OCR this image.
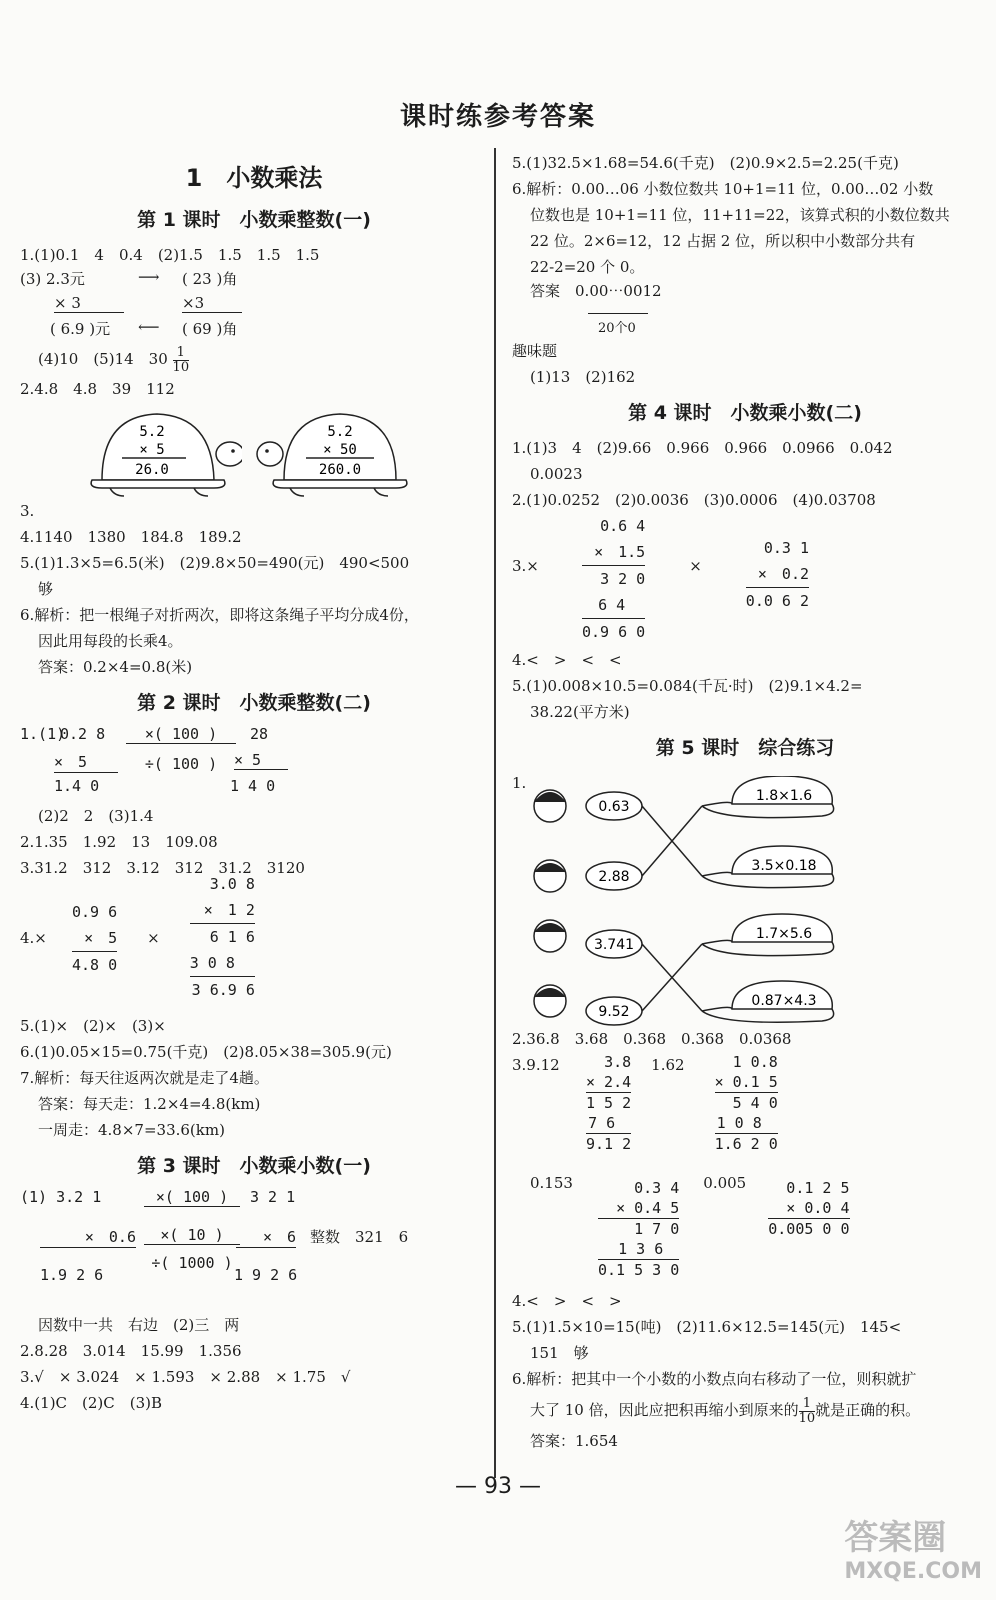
课时练参考答案
1　小数乘法
第 1 课时　小数乘整数(一)
1.(1)0.1　4　0.4　(2)1.5　1.5　1.5　1.5
(3) 2.3元	⟶ ( 23 )角
× 3	×3
( 6.9 )元 ⟵ ( 69 )角
(4)10　(5)14　$30 \frac{1}{10}$
2.4.8　4.8　39　112
5.2
× 5
26.0
5.2
× 50
260.0
3.
4.1140　1380　184.8　189.2
5.(1)1.3×5=6.5(米)　(2)9.8×50=490(元)　490<500
够
6.解析：把一根绳子对折两次，即将这条绳子平均分成4份，
因此用每段的长乘4。
答案：0.2×4=0.8(米)
第 2 课时　小数乘整数(二)
1.(1)
0.2 8
×　5
1.4 0
×( 100 )
÷( 100 )
28
× 5
1 4 0
(2)2　2　(3)1.4
2.1.35　1.92　13　109.08
3.31.2　312　3.12　312　31.2　3120
4.×
0.9 6
×　5
4.8 0
×
3.0 8
×　1 2
6 1 6
3 0 8
3 6.9 6
5.(1)×　(2)×　(3)×
6.(1)0.05×15=0.75(千克)　(2)8.05×38=305.9(元)
7.解析：每天往返两次就是走了4趟。
答案：每天走：1.2×4=4.8(km)
一周走：4.8×7=33.6(km)
第 3 课时　小数乘小数(一)
(1) 3.2 1
×　0.6
1.9 2 6
×( 100 )
×( 10 )
÷( 1000 )
3 2 1
×　6
1 9 2 6
整数　321　6
因数中一共　右边　(2)三　两
2.8.28　3.014　15.99　1.356
3.√　× 3.024　× 1.593　× 2.88　× 1.75　√
4.(1)C　(2)C　(3)B
5.(1)32.5×1.68=54.6(千克)　(2)0.9×2.5=2.25(千克)
6.解析：0.00…06 小数位数共 10+1=11 位，0.00…02 小数
位数也是 10+1=11 位，11+11=22，该算式积的小数位数共
22 位。2×6=12，12 占据 2 位，所以积中小数部分共有
22-2=20 个 0。
答案　0.00⋯0012

20个0
趣味题
(1)13　(2)162
第 4 课时　小数乘小数(二)
1.(1)3　4　(2)9.66　0.966　0.966　0.0966　0.042
0.0023
2.(1)0.0252　(2)0.0036　(3)0.0006　(4)0.03708
3.×
0.6 4
×　1.5
3 2 0
6 4
0.9 6 0
×
0.3 1
×　0.2
0.0 6 2
4.<　>　<　<
5.(1)0.008×10.5=0.084(千瓦·时)　(2)9.1×4.2=
38.22(平方米)
第 5 课时　综合练习
1.
0.63
2.88
3.741
9.52
1.8×1.6
3.5×0.18
1.7×5.6
0.87×4.3
2.36.8　3.68　0.368　0.368　0.0368
3.9.12	3.8
× 2.4
1 5 2
7 6
9.1 2
1.62	1 0.8
× 0.1 5
5 4 0
1 0 8
1.6 2 0
0.153	0.3 4
× 0.4 5
1 7 0
1 3 6
0.1 5 3 0
0.005	0.1 2 5
× 0.0 4
0.005 0 0
4.<　>　<　>
5.(1)1.5×10=15(吨)　(2)11.6×12.5=145(元)　145<
151　够
6.解析：把其中一个小数的小数点向右移动了一位，则积就扩
大了 10 倍，因此应把积再缩小到原来的 $\frac{1}{10}$ 就是正确的积。
答案：1.654
— 93 —
答案圈
MXQE.COM
